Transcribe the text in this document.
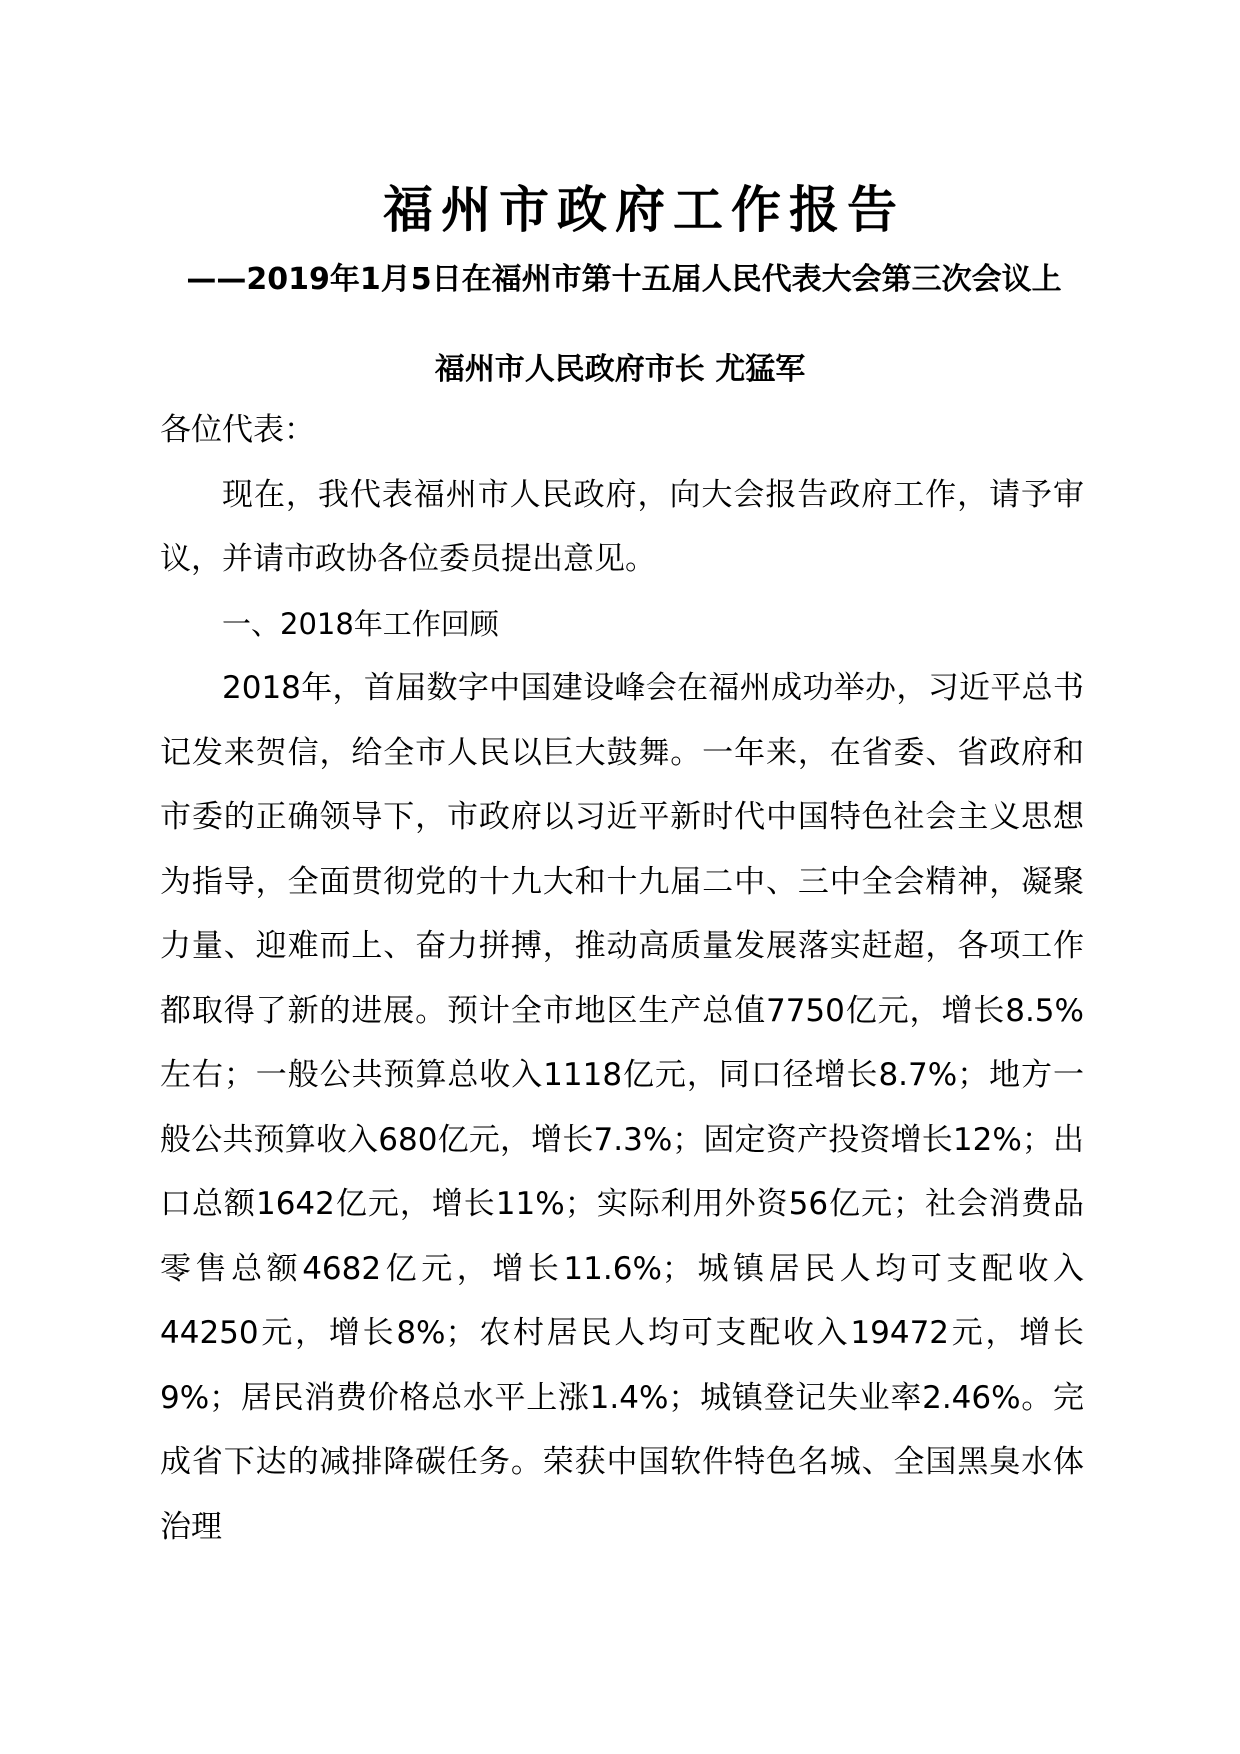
福州市政府工作报告
——2019年1月5日在福州市第十五届人民代表大会第三次会议上
福州市人民政府市长 尤猛军

各位代表：

现在，我代表福州市人民政府，向大会报告政府工作，请予审议，并请市政协各位委员提出意见。

一、2018年工作回顾

2018年，首届数字中国建设峰会在福州成功举办，习近平总书记发来贺信，给全市人民以巨大鼓舞。一年来，在省委、省政府和市委的正确领导下，市政府以习近平新时代中国特色社会主义思想为指导，全面贯彻党的十九大和十九届二中、三中全会精神，凝聚力量、迎难而上、奋力拼搏，推动高质量发展落实赶超，各项工作都取得了新的进展。预计全市地区生产总值7750亿元，增长8.5%左右；一般公共预算总收入1118亿元，同口径增长8.7%；地方一般公共预算收入680亿元，增长7.3%；固定资产投资增长12%；出口总额1642亿元，增长11%；实际利用外资56亿元；社会消费品零售总额4682亿元，增长11.6%；城镇居民人均可支配收入44250元，增长8%；农村居民人均可支配收入19472元，增长9%；居民消费价格总水平上涨1.4%；城镇登记失业率2.46%。完成省下达的减排降碳任务。荣获中国软件特色名城、全国黑臭水体治理
